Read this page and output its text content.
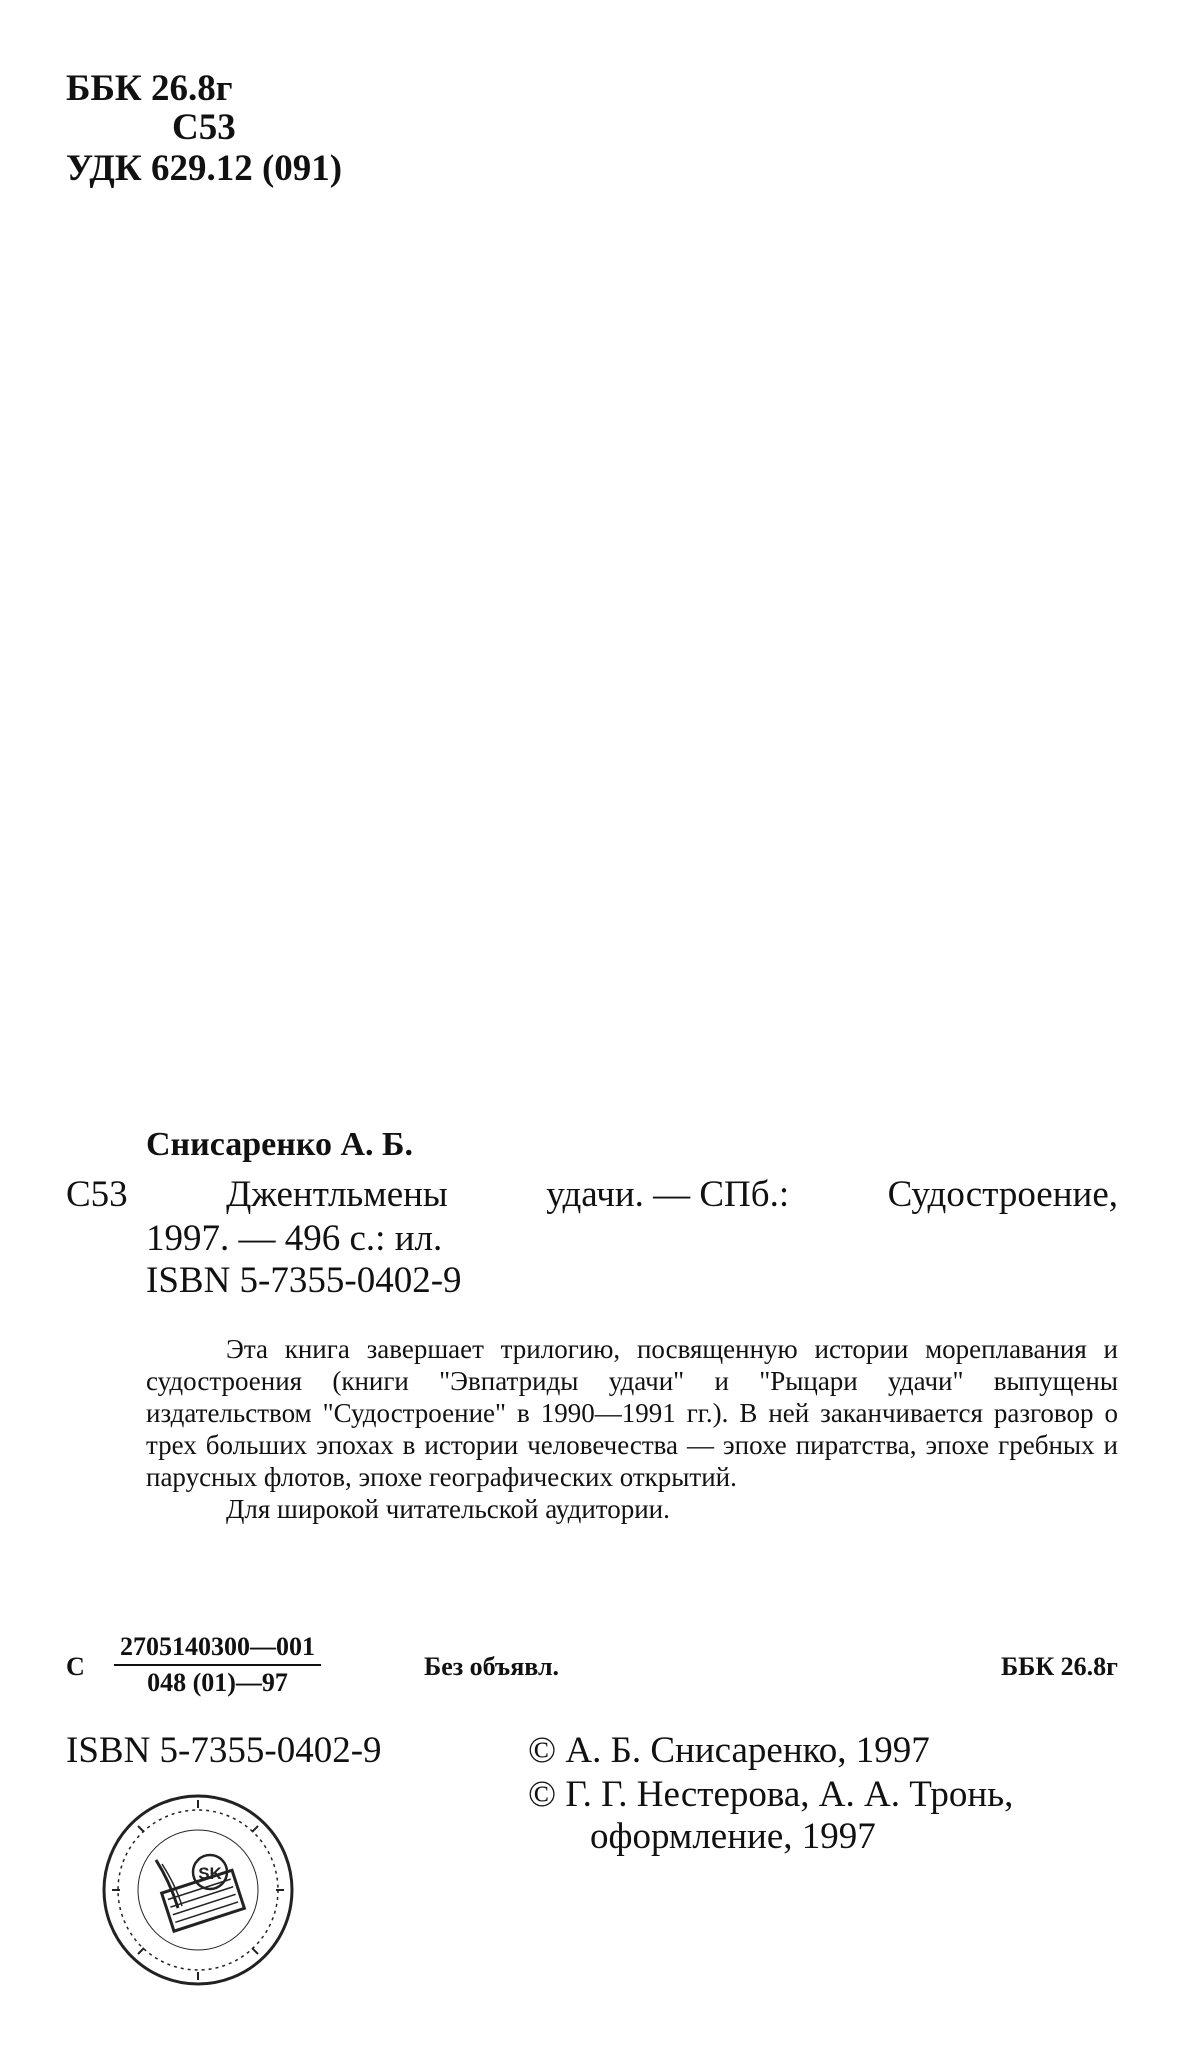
ББК 26.8г
С53
УДК 629.12 (091)
Снисаренко А. Б.
С53	Джентльмены	удачи. — СПб.:	Судостроение,
1997. — 496 с.: ил.
ISBN 5-7355-0402-9

Эта книга завершает трилогию, посвященную истории мореплавания и судостроения (книги "Эвпатриды удачи" и "Рыцари удачи" выпущены издательством "Судостроение" в 1990—1991 гг.). В ней заканчивается разговор о трех больших эпохах в истории человечества — эпохе пиратства, эпохе гребных и парусных флотов, эпохе географических открытий.

Для широкой читательской аудитории.

С $\frac{2705140300—001}{048 (01)—97}$	Без объявл.	ББК 26.8г
ISBN 5-7355-0402-9	© А. Б. Снисаренко, 1997
© Г. Г. Нестерова, А. А. Тронь,
оформление, 1997
SK
